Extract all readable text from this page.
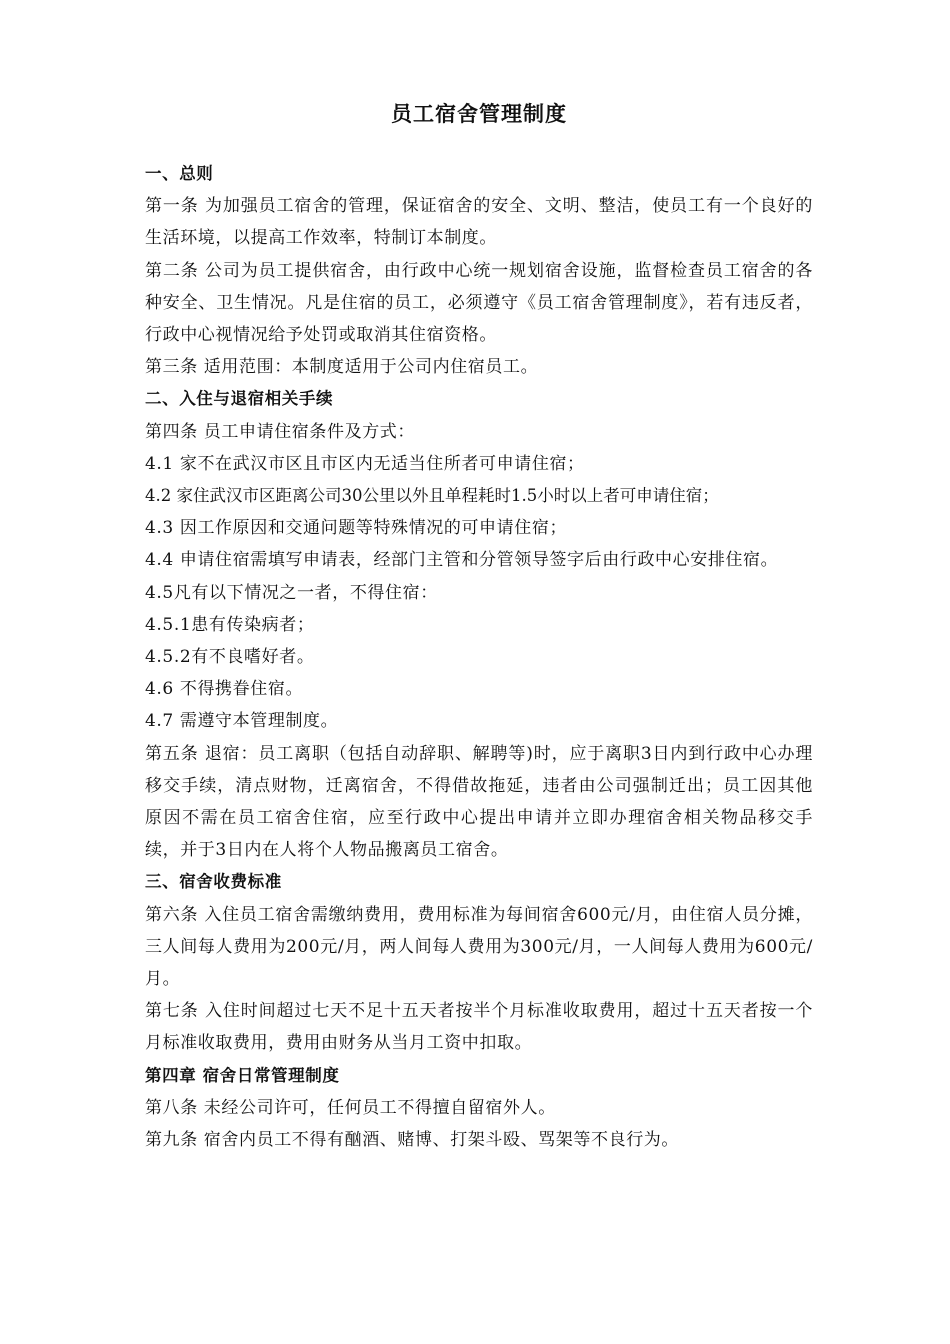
员工宿舍管理制度
一、总则
第一条 为加强员工宿舍的管理，保证宿舍的安全、文明、整洁，使员工有一个良好的生活环境，以提高工作效率，特制订本制度。
第二条 公司为员工提供宿舍，由行政中心统一规划宿舍设施，监督检查员工宿舍的各种安全、卫生情况。凡是住宿的员工，必须遵守《员工宿舍管理制度》，若有违反者，行政中心视情况给予处罚或取消其住宿资格。
第三条 适用范围：本制度适用于公司内住宿员工。
二、入住与退宿相关手续
第四条 员工申请住宿条件及方式：
4.1 家不在武汉市区且市区内无适当住所者可申请住宿；
4.2 家住武汉市区距离公司30公里以外且单程耗时1.5小时以上者可申请住宿；
4.3 因工作原因和交通问题等特殊情况的可申请住宿；
4.4 申请住宿需填写申请表，经部门主管和分管领导签字后由行政中心安排住宿。
4.5凡有以下情况之一者，不得住宿：
4.5.1患有传染病者；
4.5.2有不良嗜好者。
4.6 不得携眷住宿。
4.7 需遵守本管理制度。
第五条 退宿：员工离职（包括自动辞职、解聘等)时，应于离职3日内到行政中心办理移交手续，清点财物，迁离宿舍，不得借故拖延，违者由公司强制迁出；员工因其他原因不需在员工宿舍住宿，应至行政中心提出申请并立即办理宿舍相关物品移交手续，并于3日内在人将个人物品搬离员工宿舍。
三、宿舍收费标准
第六条 入住员工宿舍需缴纳费用，费用标准为每间宿舍600元/月，由住宿人员分摊，三人间每人费用为200元/月，两人间每人费用为300元/月，一人间每人费用为600元/月。
第七条 入住时间超过七天不足十五天者按半个月标准收取费用，超过十五天者按一个月标准收取费用，费用由财务从当月工资中扣取。
第四章 宿舍日常管理制度
第八条 未经公司许可，任何员工不得擅自留宿外人。
第九条 宿舍内员工不得有酗酒、赌博、打架斗殴、骂架等不良行为。
